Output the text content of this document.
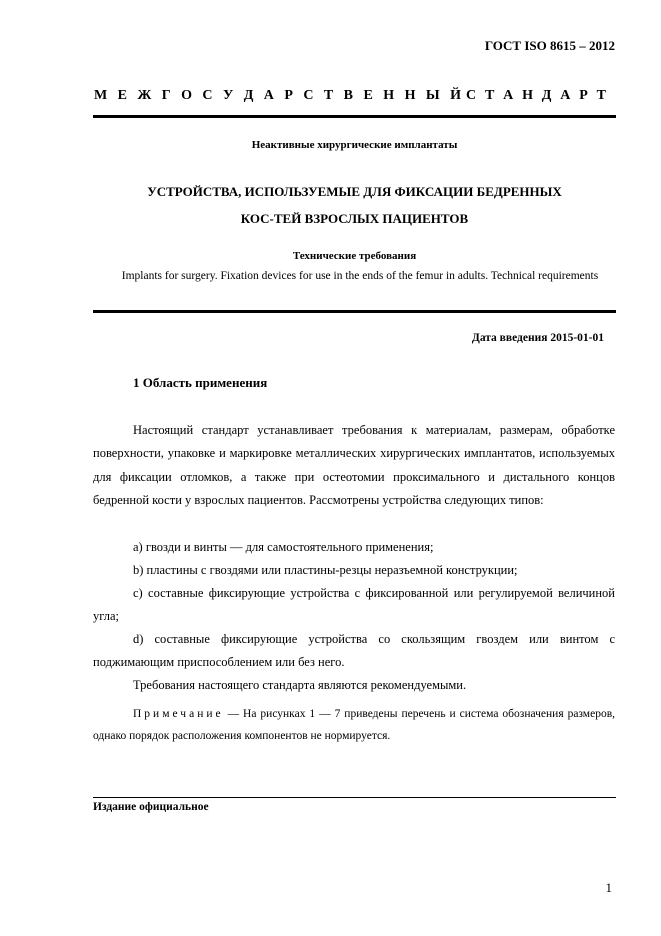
ГОСТ ISO 8615 – 2012
М Е Ж Г О С У Д А Р С Т В Е Н Н Ы Й С Т А Н Д А Р Т
Неактивные хирургические имплантаты
УСТРОЙСТВА, ИСПОЛЬЗУЕМЫЕ ДЛЯ ФИКСАЦИИ БЕДРЕННЫХ КОС-ТЕЙ ВЗРОСЛЫХ ПАЦИЕНТОВ
Технические требования
Implants for surgery. Fixation devices for use in the ends of the femur in adults. Technical requirements
Дата введения 2015-01-01
1 Область применения
Настоящий стандарт устанавливает требования к материалам, размерам, обработке поверхности, упаковке и маркировке металлических хирургических имплантатов, используемых для фиксации отломков, а также при остеотомии проксимального и дистального концов бедренной кости у взрослых пациентов. Рассмотрены устройства следующих типов:
а) гвозди и винты — для самостоятельного применения;
b) пластины с гвоздями или пластины-резцы неразъемной конструкции;
с) составные фиксирующие устройства с фиксированной или регулируемой величиной угла;
d) составные фиксирующие устройства со скользящим гвоздем или винтом с поджимающим приспособлением или без него.
Требования настоящего стандарта являются рекомендуемыми.
Примечание — На рисунках 1 — 7 приведены перечень и система обозначения размеров, однако порядок расположения компонентов не нормируется.
Издание официальное
1
